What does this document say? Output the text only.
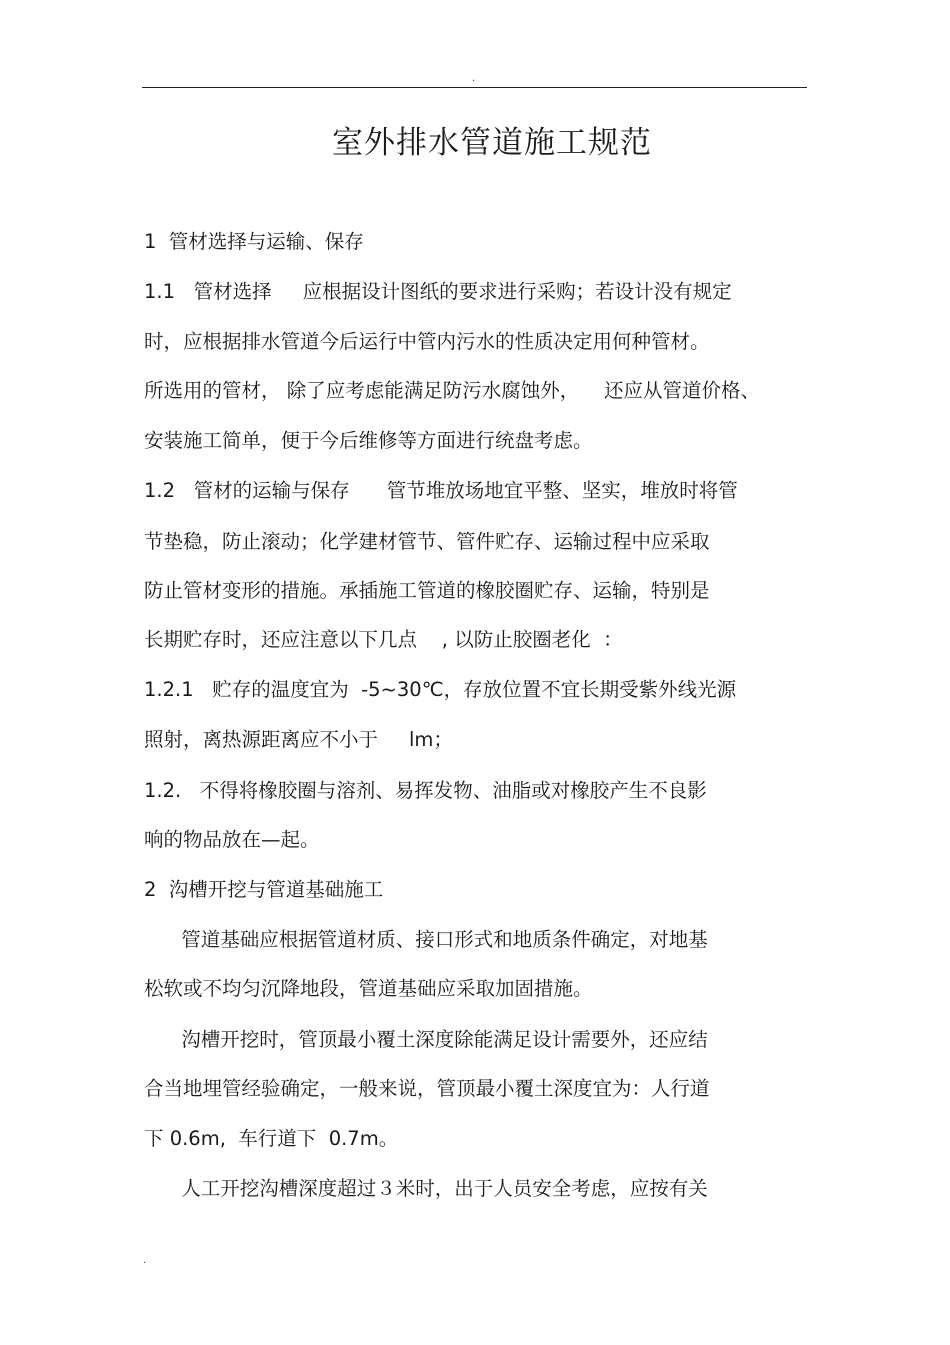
.
室外排水管道施工规范

1  管材选择与运输、保存

1.1   管材选择     应根据设计图纸的要求进行采购；若设计没有规定

时，应根据排水管道今后运行中管内污水的性质决定用何种管材。

所选用的管材， 除了应考虑能满足防污水腐蚀外，    还应从管道价格、

安装施工简单，便于今后维修等方面进行统盘考虑。

1.2   管材的运输与保存      管节堆放场地宜平整、坚实，堆放时将管

节垫稳，防止滚动；化学建材管节、管件贮存、运输过程中应采取

防止管材变形的措施。承插施工管道的橡胶圈贮存、运输，特别是

长期贮存时，还应注意以下几点    , 以防止胶圈老化  ：

1.2.1   贮存的温度宜为  -5~30℃，存放位置不宜长期受紫外线光源

照射，离热源距离应不小于     lm；

1.2.   不得将橡胶圈与溶剂、易挥发物、油脂或对橡胶产生不良影

响的物品放在—起。

2  沟槽开挖与管道基础施工

管道基础应根据管道材质、接口形式和地质条件确定，对地基

松软或不均匀沉降地段，管道基础应采取加固措施。

沟槽开挖时，管顶最小覆土深度除能满足设计需要外，还应结

合当地埋管经验确定，一般来说，管顶最小覆土深度宜为：人行道

下 0.6m,  车行道下  0.7m。

人工开挖沟槽深度超过３米时，出于人员安全考虑，应按有关

.
